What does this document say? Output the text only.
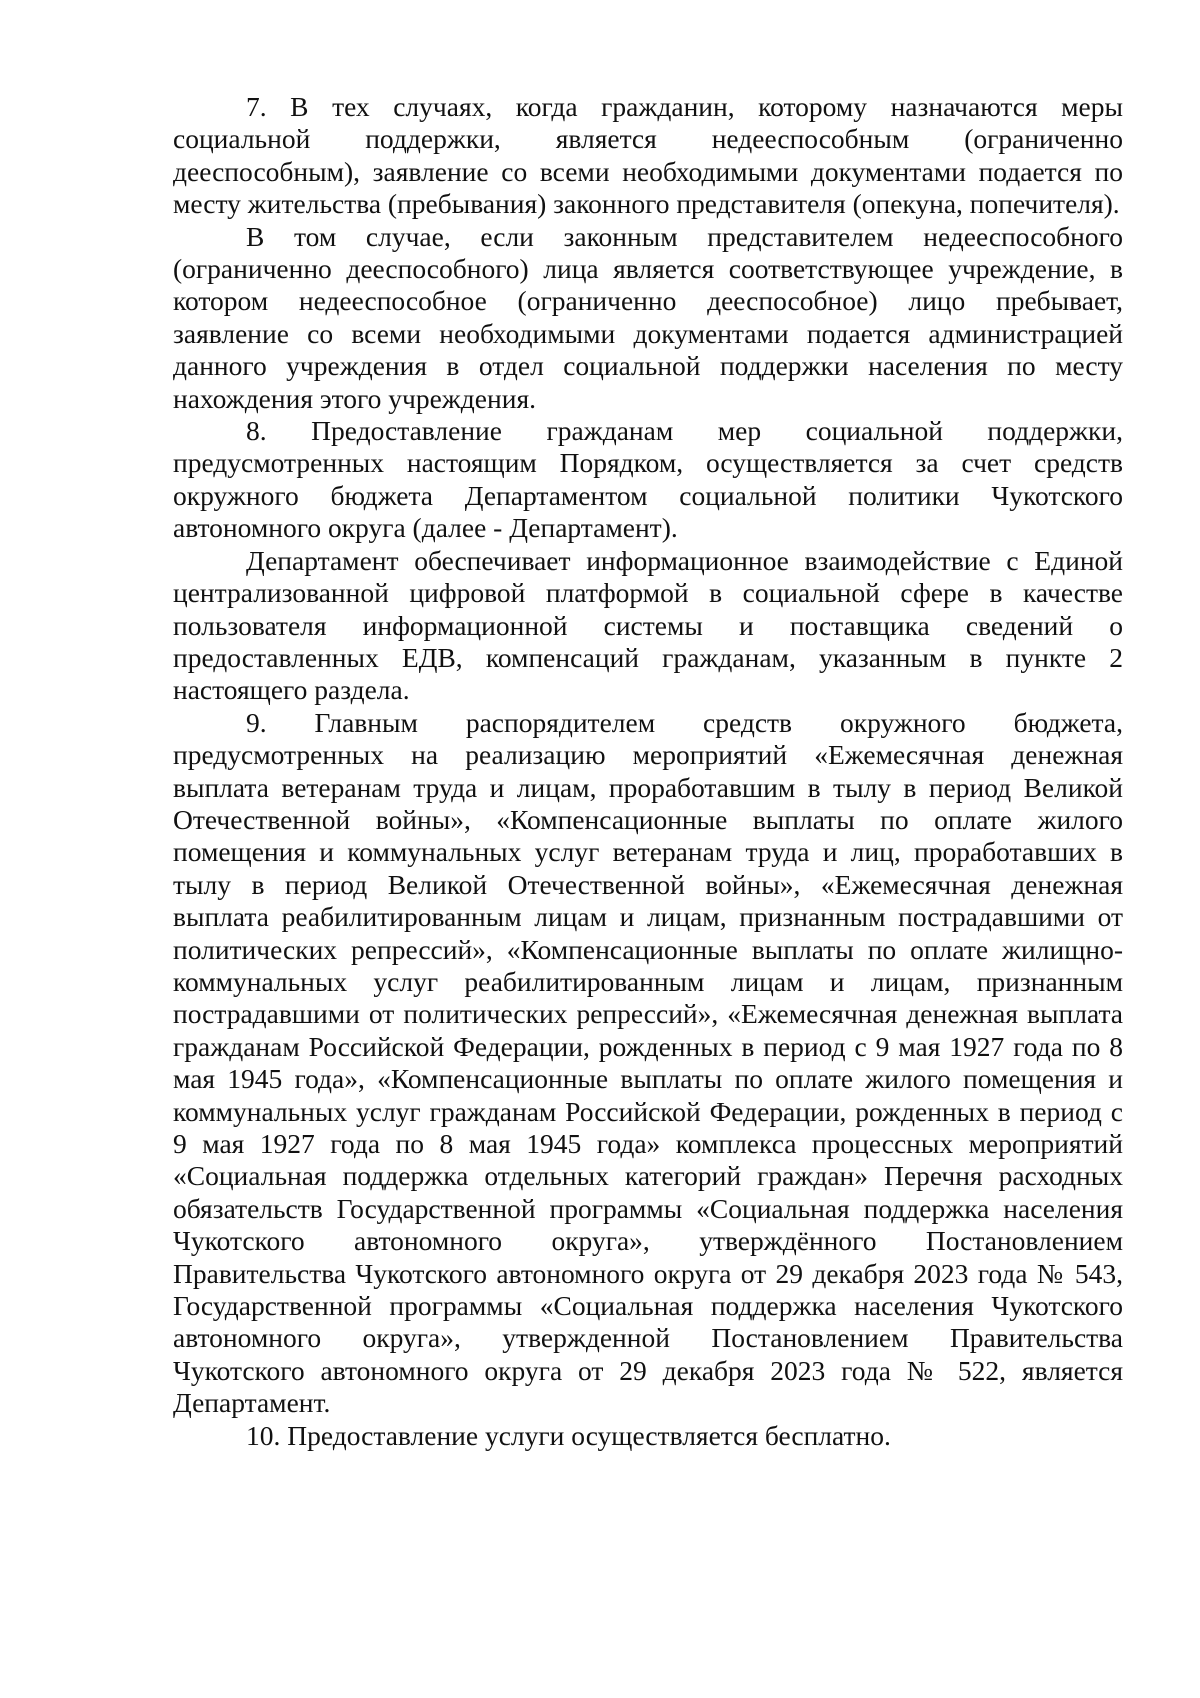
7. В тех случаях, когда гражданин, которому назначаются меры социальной поддержки, является недееспособным (ограниченно дееспособным), заявление со всеми необходимыми документами подается по месту жительства (пребывания) законного представителя (опекуна, попечителя).

В том случае, если законным представителем недееспособного (ограниченно дееспособного) лица является соответствующее учреждение, в котором недееспособное (ограниченно дееспособное) лицо пребывает, заявление со всеми необходимыми документами подается администрацией данного учреждения в отдел социальной поддержки населения по месту нахождения этого учреждения.

8. Предоставление гражданам мер социальной поддержки, предусмотренных настоящим Порядком, осуществляется за счет средств окружного бюджета Департаментом социальной политики Чукотского автономного округа (далее - Департамент).

Департамент обеспечивает информационное взаимодействие с Единой централизованной цифровой платформой в социальной сфере в качестве пользователя информационной системы и поставщика сведений о предоставленных ЕДВ, компенсаций гражданам, указанным в пункте 2 настоящего раздела.

9. Главным распорядителем средств окружного бюджета, предусмотренных на реализацию мероприятий «Ежемесячная денежная выплата ветеранам труда и лицам, проработавшим в тылу в период Великой Отечественной войны», «Компенсационные выплаты по оплате жилого помещения и коммунальных услуг ветеранам труда и лиц, проработавших в тылу в период Великой Отечественной войны», «Ежемесячная денежная выплата реабилитированным лицам и лицам, признанным пострадавшими от политических репрессий», «Компенсационные выплаты по оплате жилищно-коммунальных услуг реабилитированным лицам и лицам, признанным пострадавшими от политических репрессий», «Ежемесячная денежная выплата гражданам Российской Федерации, рожденных в период с 9 мая 1927 года по 8 мая 1945 года», «Компенсационные выплаты по оплате жилого помещения и коммунальных услуг гражданам Российской Федерации, рожденных в период с 9 мая 1927 года по 8 мая 1945 года» комплекса процессных мероприятий «Социальная поддержка отдельных категорий граждан» Перечня расходных обязательств Государственной программы «Социальная поддержка населения Чукотского автономного округа», утверждённого Постановлением Правительства Чукотского автономного округа от 29 декабря 2023 года № 543, Государственной программы «Социальная поддержка населения Чукотского автономного округа», утвержденной Постановлением Правительства Чукотского автономного округа от 29 декабря 2023 года № 522, является Департамент.

10. Предоставление услуги осуществляется бесплатно.
